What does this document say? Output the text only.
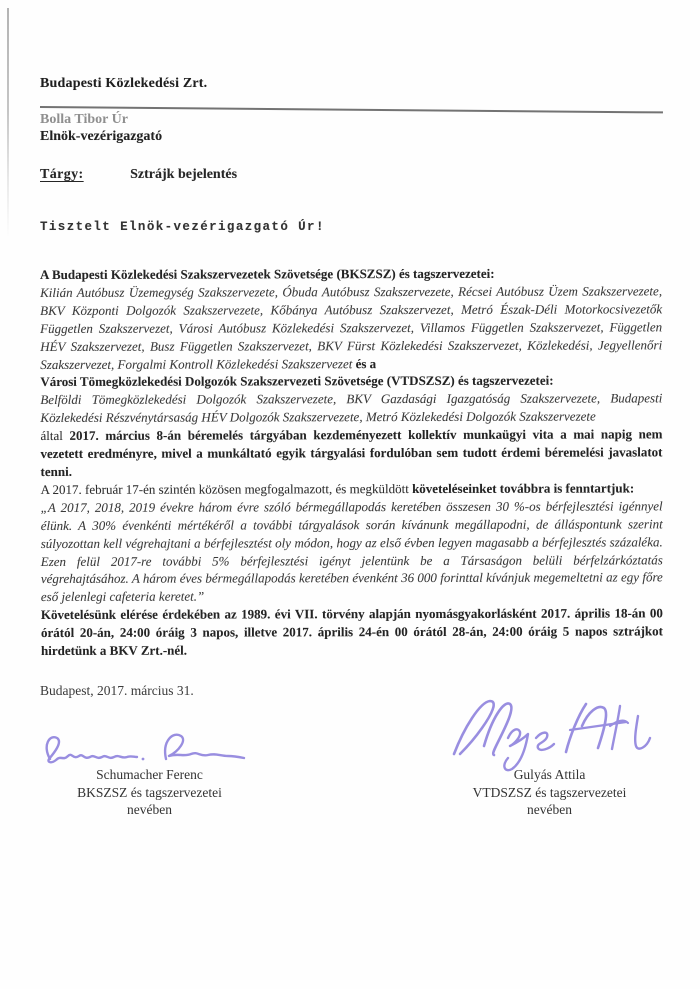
Budapesti Közlekedési Zrt.
Bolla Tibor Úr
Elnök-vezérigazgató
Tárgy:	Sztrájk bejelentés
Tisztelt Elnök-vezérigazgató Úr!

A Budapesti Közlekedési Szakszervezetek Szövetsége (BKSZSZ) és tagszervezetei:

Kilián Autóbusz Üzemegység Szakszervezete, Óbuda Autóbusz Szakszervezete, Récsei Autóbusz Üzem Szakszervezete, BKV Központi Dolgozók Szakszervezete, Kőbánya Autóbusz Szakszervezet, Metró Észak-Déli Motorkocsivezetők Független Szakszervezet, Városi Autóbusz Közlekedési Szakszervezet, Villamos Független Szakszervezet, Független HÉV Szakszervezet, Busz Független Szakszervezet, BKV Fürst Közlekedési Szakszervezet, Közlekedési, Jegyellenőri Szakszervezet, Forgalmi Kontroll Közlekedési Szakszervezet és a

Városi Tömegközlekedési Dolgozók Szakszervezeti Szövetsége (VTDSZSZ) és tagszervezetei:

Belföldi Tömegközlekedési Dolgozók Szakszervezete, BKV Gazdasági Igazgatóság Szakszervezete, Budapesti Közlekedési Részvénytársaság HÉV Dolgozók Szakszervezete, Metró Közlekedési Dolgozók Szakszervezete

által 2017. március 8-án béremelés tárgyában kezdeményezett kollektív munkaügyi vita a mai napig nem vezetett eredményre, mivel a munkáltató egyik tárgyalási fordulóban sem tudott érdemi béremelési javaslatot tenni.

A 2017. február 17-én szintén közösen megfogalmazott, és megküldött követeléseinket továbbra is fenntartjuk:

„A 2017, 2018, 2019 évekre három évre szóló bérmegállapodás keretében összesen 30 %-os bérfejlesztési igénnyel élünk. A 30% évenkénti mértékéről a további tárgyalások során kívánunk megállapodni, de álláspontunk szerint súlyozottan kell végrehajtani a bérfejlesztést oly módon, hogy az első évben legyen magasabb a bérfejlesztés százaléka. Ezen felül 2017-re további 5% bérfejlesztési igényt jelentünk be a Társaságon belüli bérfelzárkóztatás végrehajtásához. A három éves bérmegállapodás keretében évenként 36 000 forinttal kívánjuk megemeltetni az egy főre eső jelenlegi cafeteria keretet.”

Követelésünk elérése érdekében az 1989. évi VII. törvény alapján nyomásgyakorlásként 2017. április 18-án 00 órától 20-án, 24:00 óráig 3 napos, illetve 2017. április 24-én 00 órától 28-án, 24:00 óráig 5 napos sztrájkot hirdetünk a BKV Zrt.-nél.

Budapest, 2017. március 31.
Schumacher Ferenc
BKSZSZ és tagszervezetei
nevében
Gulyás Attila
VTDSZSZ és tagszervezetei
nevében
